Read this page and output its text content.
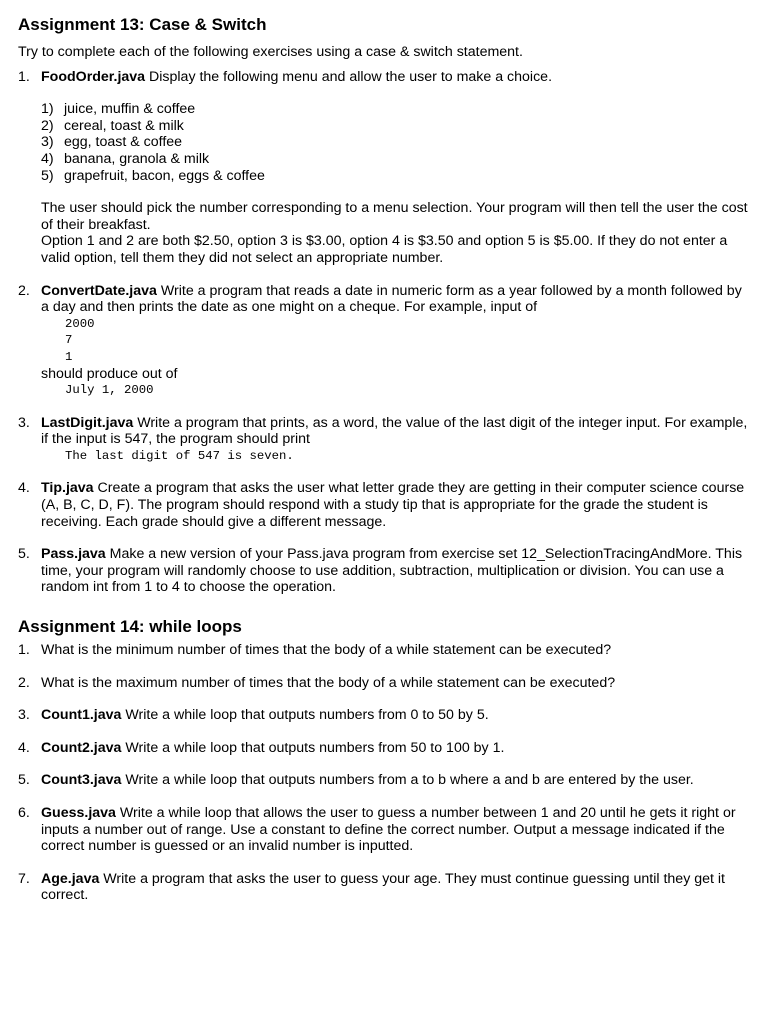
Assignment 13: Case & Switch

Try to complete each of the following exercises using a case & switch statement.

1. FoodOrder.java Display the following menu and allow the user to make a choice.

1) juice, muffin & coffee
2) cereal, toast & milk
3) egg, toast & coffee
4) banana, granola & milk
5) grapefruit, bacon, eggs & coffee

The user should pick the number corresponding to a menu selection. Your program will then tell the user the cost of their breakfast.

Option 1 and 2 are both $2.50, option 3 is $3.00, option 4 is $3.50 and option 5 is $5.00. If they do not enter a valid option, tell them they did not select an appropriate number.

2. ConvertDate.java Write a program that reads a date in numeric form as a year followed by a month followed by a day and then prints the date as one might on a cheque. For example, input of

2000
7
1

should produce out of

July 1, 2000
3. LastDigit.java Write a program that prints, as a word, the value of the last digit of the integer input. For example, if the input is 547, the program should print

The last digit of 547 is seven.
4. Tip.java Create a program that asks the user what letter grade they are getting in their computer science course (A, B, C, D, F). The program should respond with a study tip that is appropriate for the grade the student is receiving. Each grade should give a different message.

5. Pass.java Make a new version of your Pass.java program from exercise set 12_SelectionTracingAndMore. This time, your program will randomly choose to use addition, subtraction, multiplication or division. You can use a random int from 1 to 4 to choose the operation.

Assignment 14: while loops
1. What is the minimum number of times that the body of a while statement can be executed?

2. What is the maximum number of times that the body of a while statement can be executed?

3. Count1.java Write a while loop that outputs numbers from 0 to 50 by 5.

4. Count2.java Write a while loop that outputs numbers from 50 to 100 by 1.

5. Count3.java Write a while loop that outputs numbers from a to b where a and b are entered by the user.

6. Guess.java Write a while loop that allows the user to guess a number between 1 and 20 until he gets it right or inputs a number out of range. Use a constant to define the correct number. Output a message indicated if the correct number is guessed or an invalid number is inputted.

7. Age.java Write a program that asks the user to guess your age. They must continue guessing until they get it correct.
